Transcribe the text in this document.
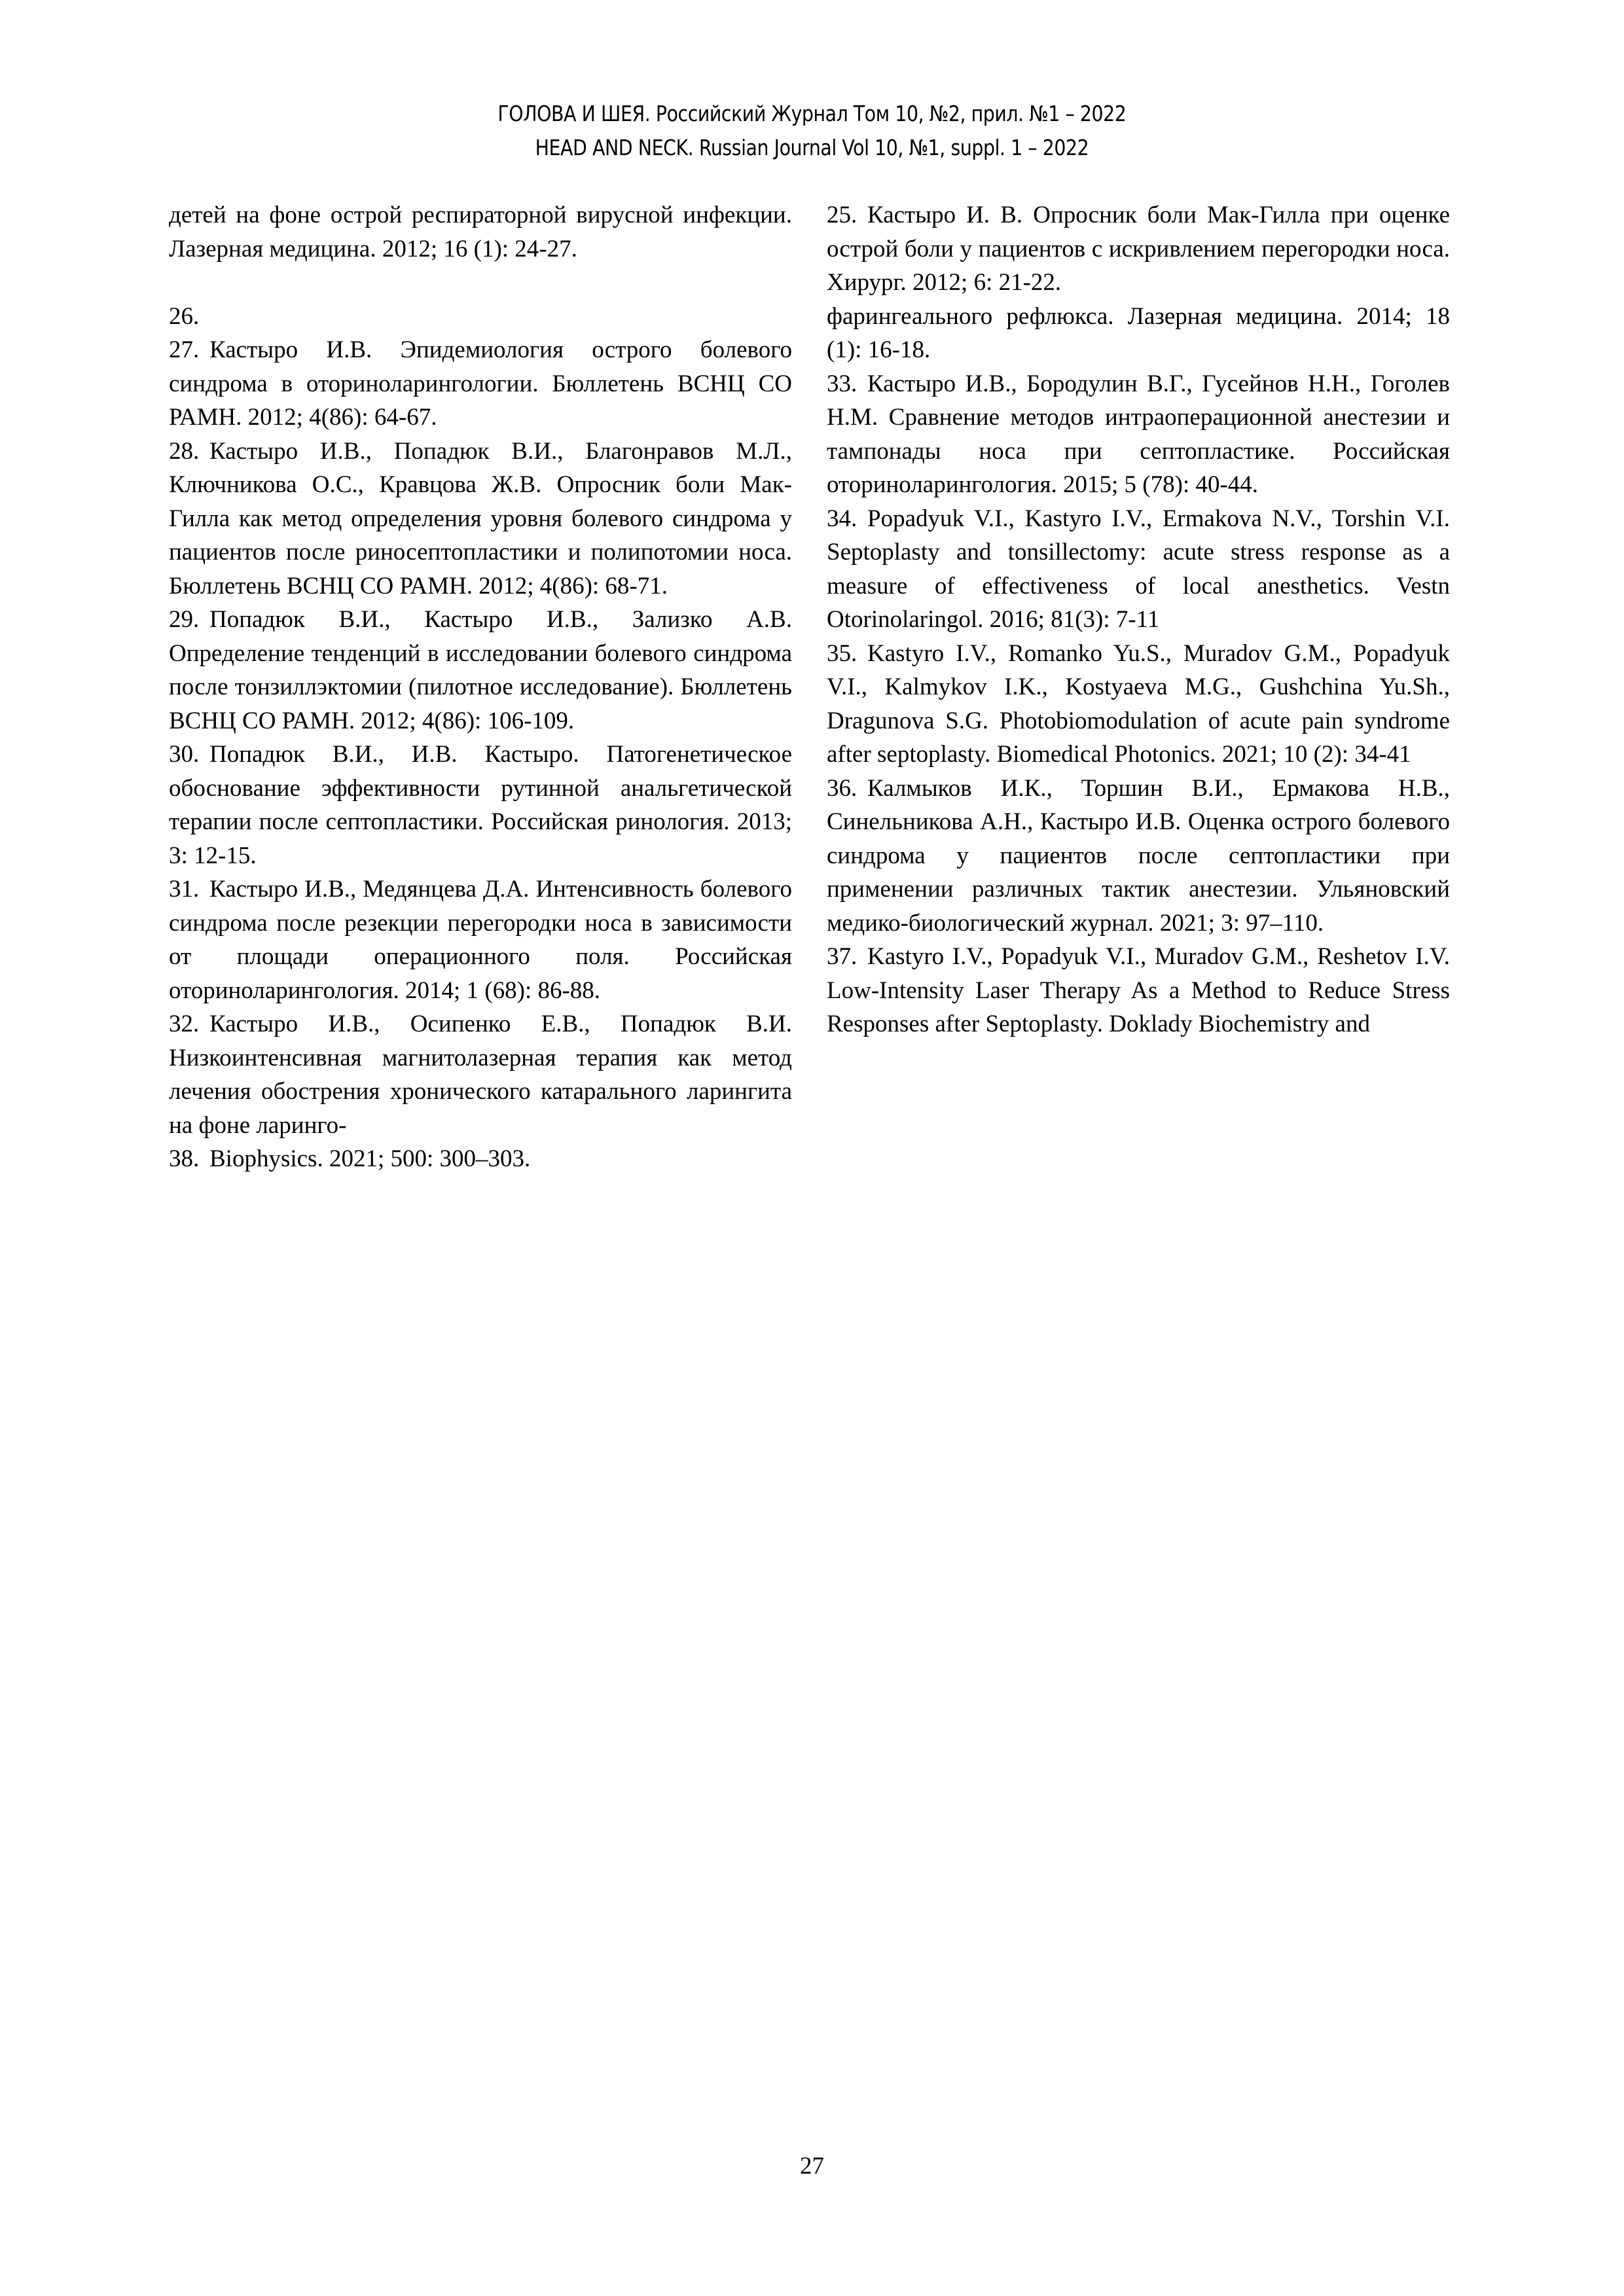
ГОЛОВА И ШЕЯ. Российский Журнал Том 10, №2, прил. №1 – 2022
HEAD AND NECK. Russian Journal Vol 10, №1, suppl. 1 – 2022

детей на фоне острой респираторной вирусной инфекции. Лазерная медицина. 2012; 16 (1): 24-27.

26.

27. Кастыро И.В. Эпидемиология острого болевого синдрома в оториноларингологии. Бюллетень ВСНЦ СО РАМН. 2012; 4(86): 64-67.

28. Кастыро И.В., Попадюк В.И., Благонравов М.Л., Ключникова О.С., Кравцова Ж.В. Опросник боли Мак-Гилла как метод определения уровня болевого синдрома у пациентов после риносептопластики и полипотомии носа. Бюллетень ВСНЦ СО РАМН. 2012; 4(86): 68-71.

29. Попадюк В.И., Кастыро И.В., Зализко А.В. Определение тенденций в исследовании болевого синдрома после тонзиллэктомии (пилотное исследование). Бюллетень ВСНЦ СО РАМН. 2012; 4(86): 106-109.

30. Попадюк В.И., И.В. Кастыро. Патогенетическое обоснование эффективности рутинной анальгетической терапии после септопластики. Российская ринология. 2013; 3: 12-15.

31. Кастыро И.В., Медянцева Д.А. Интенсивность болевого синдрома после резекции перегородки носа в зависимости от площади операционного поля. Российская оториноларингология. 2014; 1 (68): 86-88.

32. Кастыро И.В., Осипенко Е.В., Попадюк В.И. Низкоинтенсивная магнитолазерная терапия как метод лечения обострения хронического катарального ларингита на фоне ларинго-

38. Biophysics. 2021; 500: 300–303.

25. Кастыро И. В. Опросник боли Мак-Гилла при оценке острой боли у пациентов с искривлением перегородки носа. Хирург. 2012; 6: 21-22.

фарингеального рефлюкса. Лазерная медицина. 2014; 18 (1): 16-18.

33. Кастыро И.В., Бородулин В.Г., Гусейнов Н.Н., Гоголев Н.М. Сравнение методов интраоперационной анестезии и тампонады носа при септопластике. Российская оториноларингология. 2015; 5 (78): 40-44.

34. Popadyuk V.I., Kastyro I.V., Ermakova N.V., Torshin V.I. Septoplasty and tonsillectomy: acute stress response as a measure of effectiveness of local anesthetics. Vestn Otorinolaringol. 2016; 81(3): 7-11

35. Kastyro I.V., Romanko Yu.S., Muradov G.M., Popadyuk V.I., Kalmykov I.K., Kostyaeva M.G., Gushchina Yu.Sh., Dragunova S.G. Photobiomodulation of acute pain syndrome after septoplasty. Biomedical Photonics. 2021; 10 (2): 34-41

36. Калмыков И.К., Торшин В.И., Ермакова Н.В., Синельникова А.Н., Кастыро И.В. Оценка острого болевого синдрома у пациентов после септопластики при применении различных тактик анестезии. Ульяновский медико-биологический журнал. 2021; 3: 97–110.

37. Kastyro I.V., Popadyuk V.I., Muradov G.M., Reshetov I.V. Low-Intensity Laser Therapy As a Method to Reduce Stress Responses after Septoplasty. Doklady Biochemistry and

27
